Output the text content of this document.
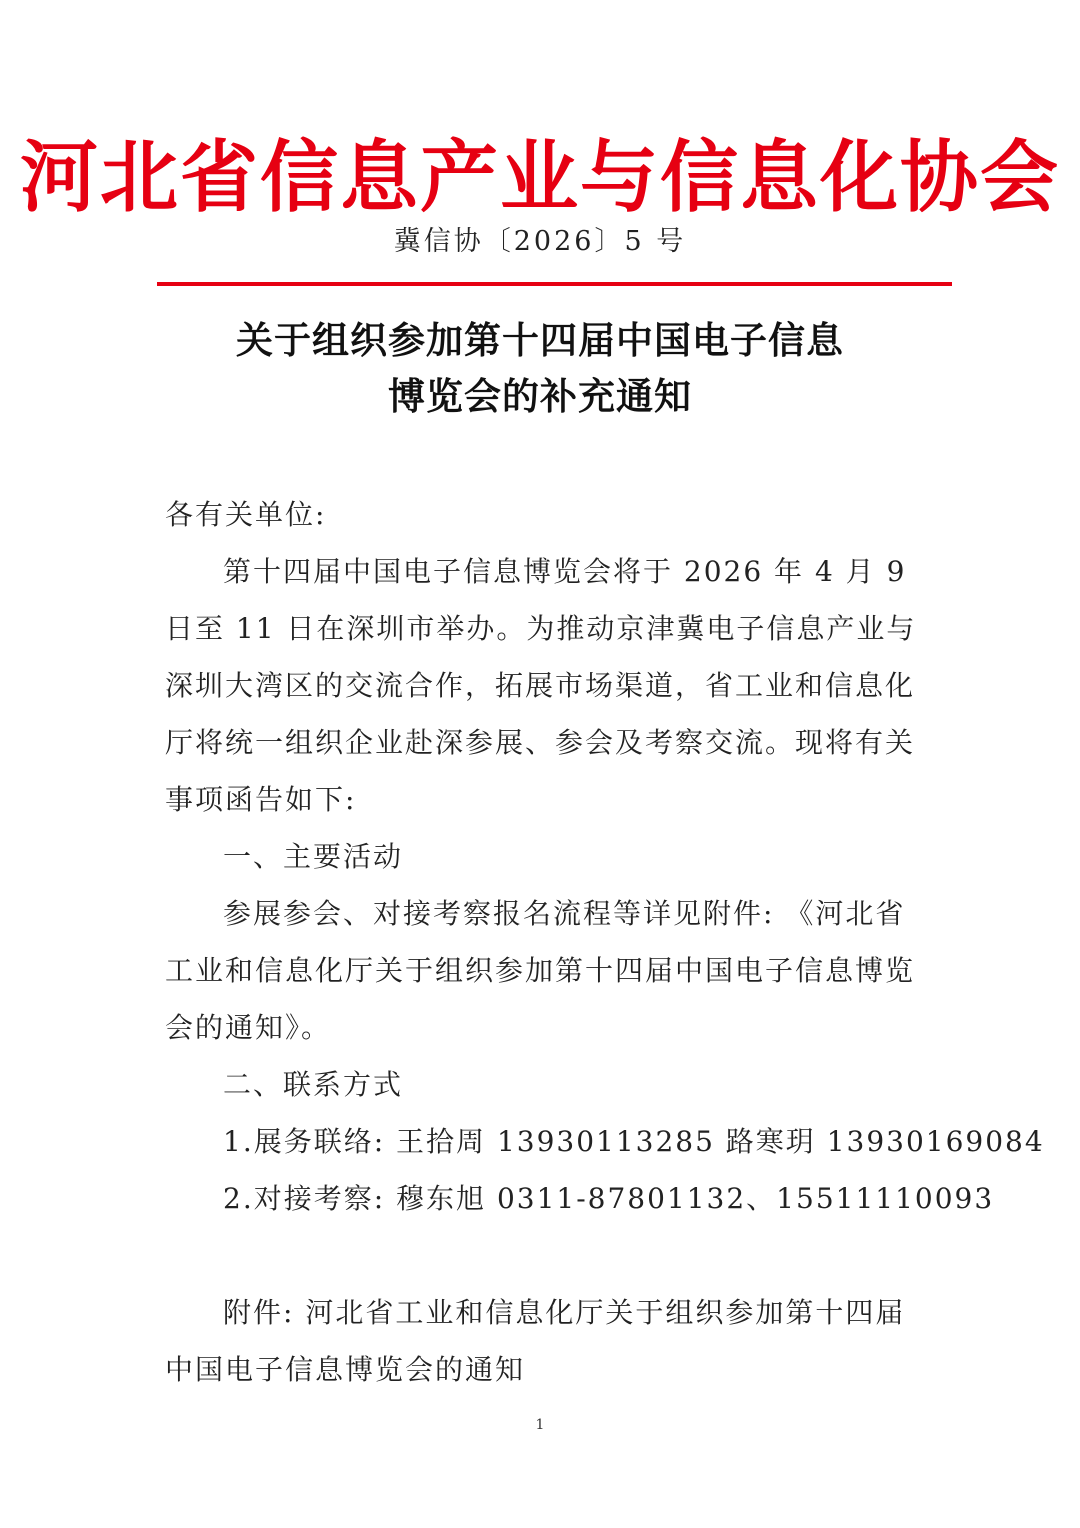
河北省信息产业与信息化协会
冀信协〔2026〕5 号
关于组织参加第十四届中国电子信息
博览会的补充通知
各有关单位:

第十四届中国电子信息博览会将于 2026 年 4 月 9 日至 11 日在深圳市举办。为推动京津冀电子信息产业与深圳大湾区的交流合作，拓展市场渠道，省工业和信息化厅将统一组织企业赴深参展、参会及考察交流。现将有关事项函告如下:

一、主要活动

参展参会、对接考察报名流程等详见附件: 《河北省工业和信息化厅关于组织参加第十四届中国电子信息博览会的通知》。

二、联系方式
1.展务联络: 王拾周 13930113285 路寒玥 13930169084
2.对接考察: 穆东旭 0311-87801132、15511110093

附件: 河北省工业和信息化厅关于组织参加第十四届中国电子信息博览会的通知

1
